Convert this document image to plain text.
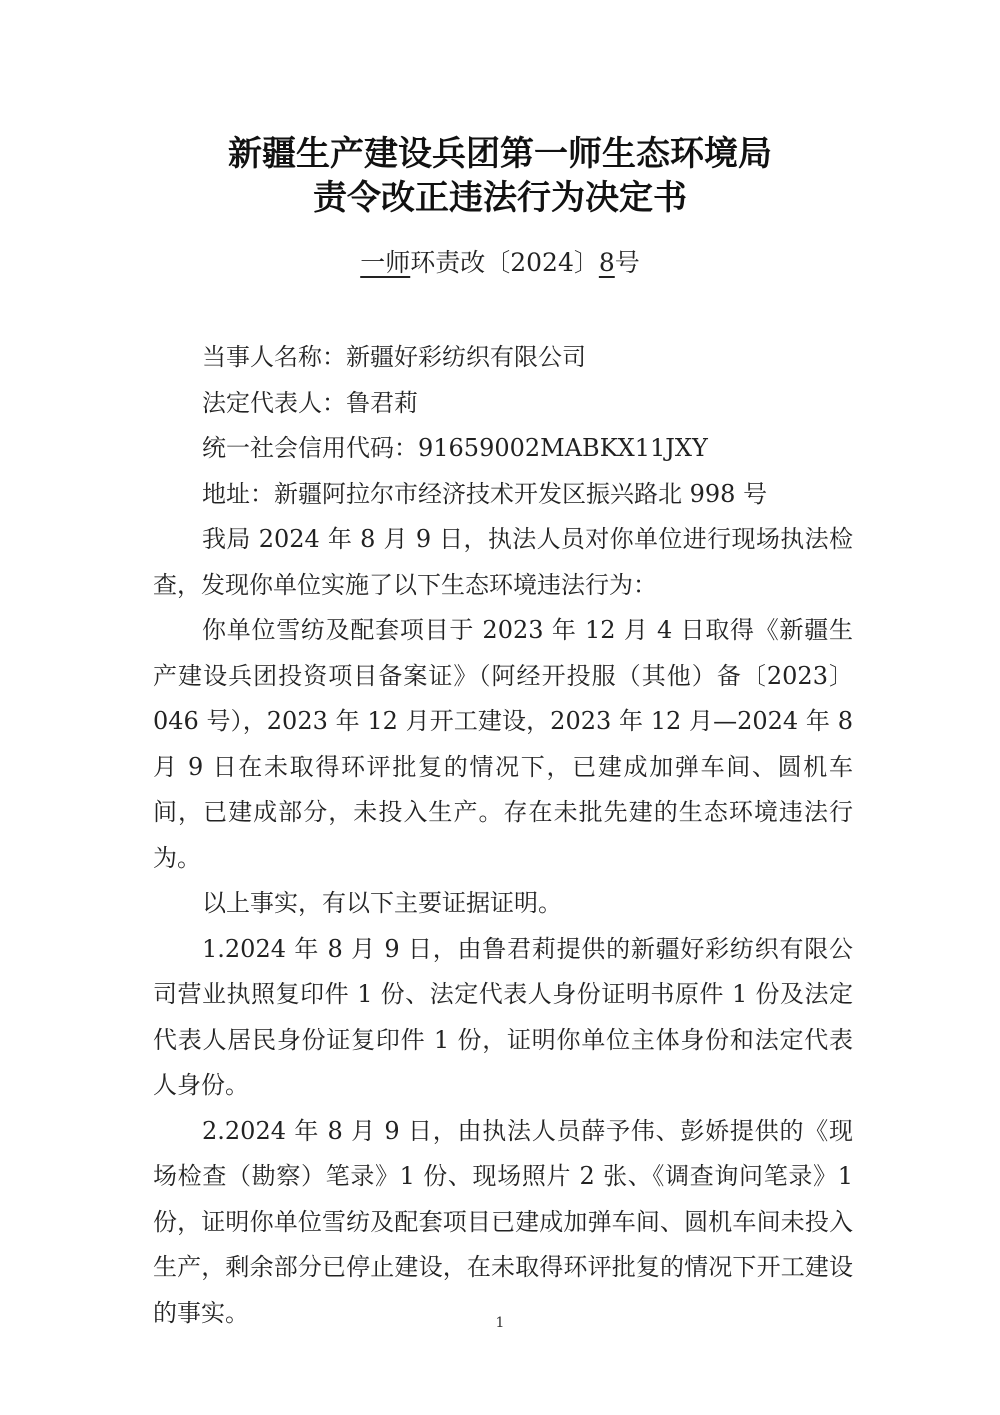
新疆生产建设兵团第一师生态环境局
责令改正违法行为决定书
一师环责改〔2024〕8号

当事人名称：新疆好彩纺织有限公司

法定代表人：鲁君莉

统一社会信用代码：91659002MABKX11JXY

地址：新疆阿拉尔市经济技术开发区振兴路北 998 号

我局 2024 年 8 月 9 日，执法人员对你单位进行现场执法检查，发现你单位实施了以下生态环境违法行为：

你单位雪纺及配套项目于 2023 年 12 月 4 日取得《新疆生产建设兵团投资项目备案证》（阿经开投服（其他）备〔2023〕046 号），2023 年 12 月开工建设，2023 年 12 月—2024 年 8 月 9 日在未取得环评批复的情况下，已建成加弹车间、圆机车间，已建成部分，未投入生产。存在未批先建的生态环境违法行为。

以上事实，有以下主要证据证明。

1.2024 年 8 月 9 日，由鲁君莉提供的新疆好彩纺织有限公司营业执照复印件 1 份、法定代表人身份证明书原件 1 份及法定代表人居民身份证复印件 1 份，证明你单位主体身份和法定代表人身份。

2.2024 年 8 月 9 日，由执法人员薛予伟、彭娇提供的《现场检查（勘察）笔录》1 份、现场照片 2 张、《调查询问笔录》1 份，证明你单位雪纺及配套项目已建成加弹车间、圆机车间未投入生产，剩余部分已停止建设，在未取得环评批复的情况下开工建设的事实。	1
